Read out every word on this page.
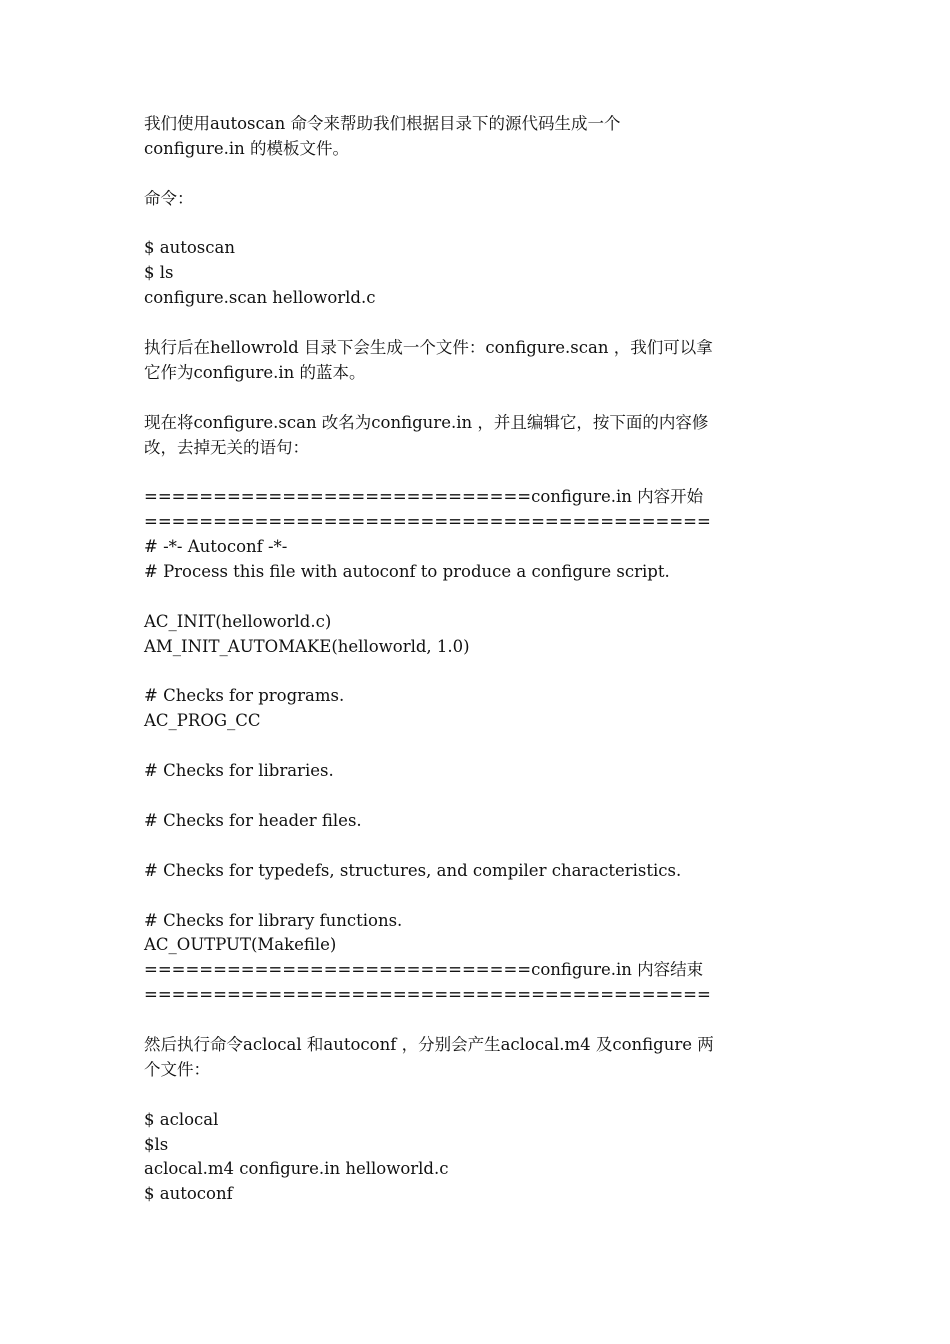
我们使用autoscan 命令来帮助我们根据目录下的源代码生成一个
configure.in 的模板文件。
命令：
$ autoscan
$ ls
configure.scan helloworld.c
执行后在hellowrold 目录下会生成一个文件：configure.scan ，我们可以拿
它作为configure.in 的蓝本。
现在将configure.scan 改名为configure.in ，并且编辑它，按下面的内容修
改，去掉无关的语句：
============================configure.in 内容开始
=========================================
# -*- Autoconf -*-
# Process this file with autoconf to produce a configure script.
AC_INIT(helloworld.c)
AM_INIT_AUTOMAKE(helloworld, 1.0)
# Checks for programs.
AC_PROG_CC
# Checks for libraries.
# Checks for header files.
# Checks for typedefs, structures, and compiler characteristics.
# Checks for library functions.
AC_OUTPUT(Makefile)
============================configure.in 内容结束
=========================================
然后执行命令aclocal 和autoconf ，分别会产生aclocal.m4 及configure 两
个文件：
$ aclocal
$ls
aclocal.m4 configure.in helloworld.c
$ autoconf
